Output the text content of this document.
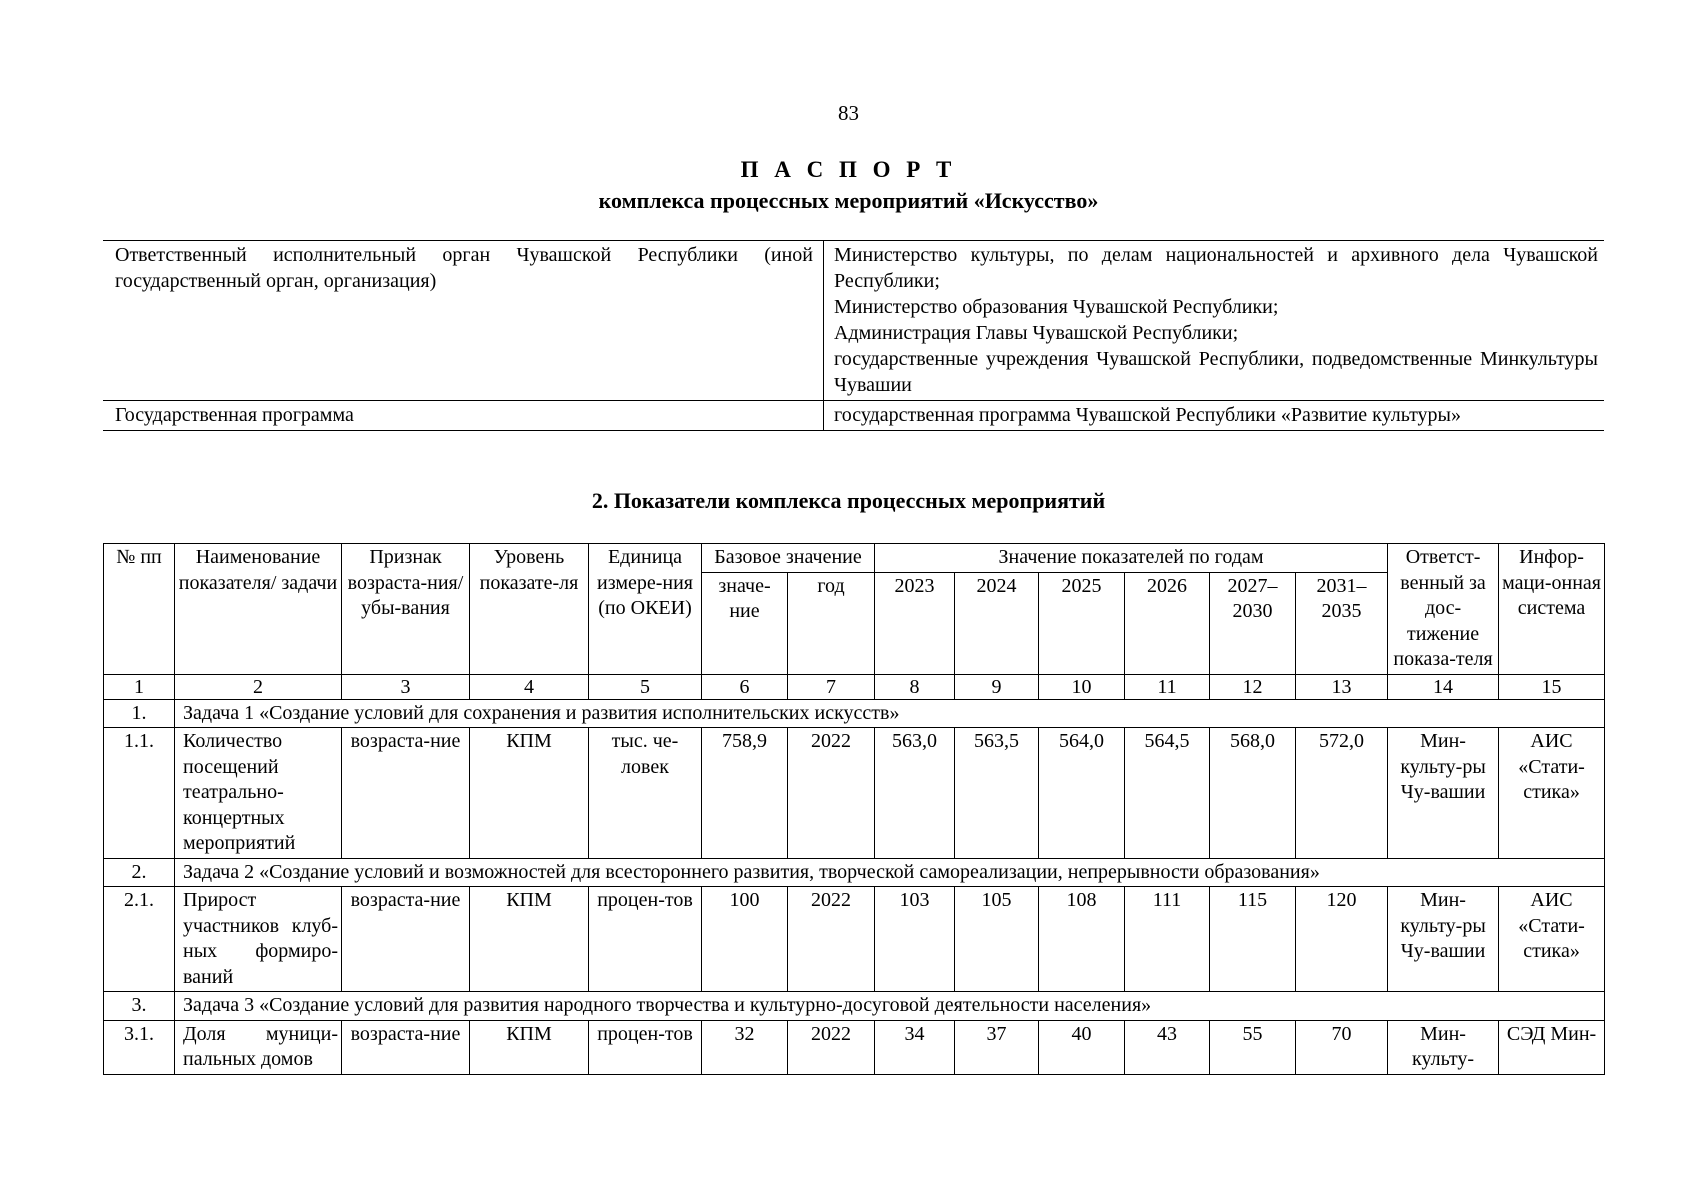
83
П А С П О Р Т
комплекса процессных мероприятий «Искусство»
Ответственный исполнительный орган Чувашской Республики (иной государственный орган, организация)	Министерство культуры, по делам национальностей и архивного дела Чувашской Республики;
Министерство образования Чувашской Республики;
Администрация Главы Чувашской Республики;
государственные учреждения Чувашской Республики, подведомственные Минкультуры Чувашии

Государственная программа	государственная программа Чувашской Республики «Развитие культуры»
2. Показатели комплекса процессных мероприятий
№ пп	Наименование показателя/ задачи	Признак возраста-ния/ убы-вания	Уровень показате-ля	Единица измере-ния (по ОКЕИ)	Базовое значение		Значение показателей по годам						Ответст-венный за дос-тижение показа-теля	Инфор-маци-онная система
					значе-ние	год	2023	2024	2025	2026	2027–2030	2031–2035		
1	2	3	4	5	6	7	8	9	10	11	12	13	14	15
1.	Задача 1 «Создание условий для сохранения и развития исполнительских искусств»													
1.1.	Количество посещений театрально-концертных мероприятий	возраста-ние	КПМ	тыс. че-ловек	758,9	2022	563,0	563,5	564,0	564,5	568,0	572,0	Мин-культу-ры Чу-вашии	АИС «Стати-стика»
2.	Задача 2 «Создание условий и возможностей для всестороннего развития, творческой самореализации, непрерывности образования»													
2.1.	Прирост участников клуб-ных формиро-ваний	возраста-ние	КПМ	процен-тов	100	2022	103	105	108	111	115	120	Мин-культу-ры Чу-вашии	АИС «Стати-стика»
3.	Задача 3 «Создание условий для развития народного творчества и культурно-досуговой деятельности населения»													
3.1.	Доля муници-пальных домов	возраста-ние	КПМ	процен-тов	32	2022	34	37	40	43	55	70	Мин-культу-	СЭД Мин-
